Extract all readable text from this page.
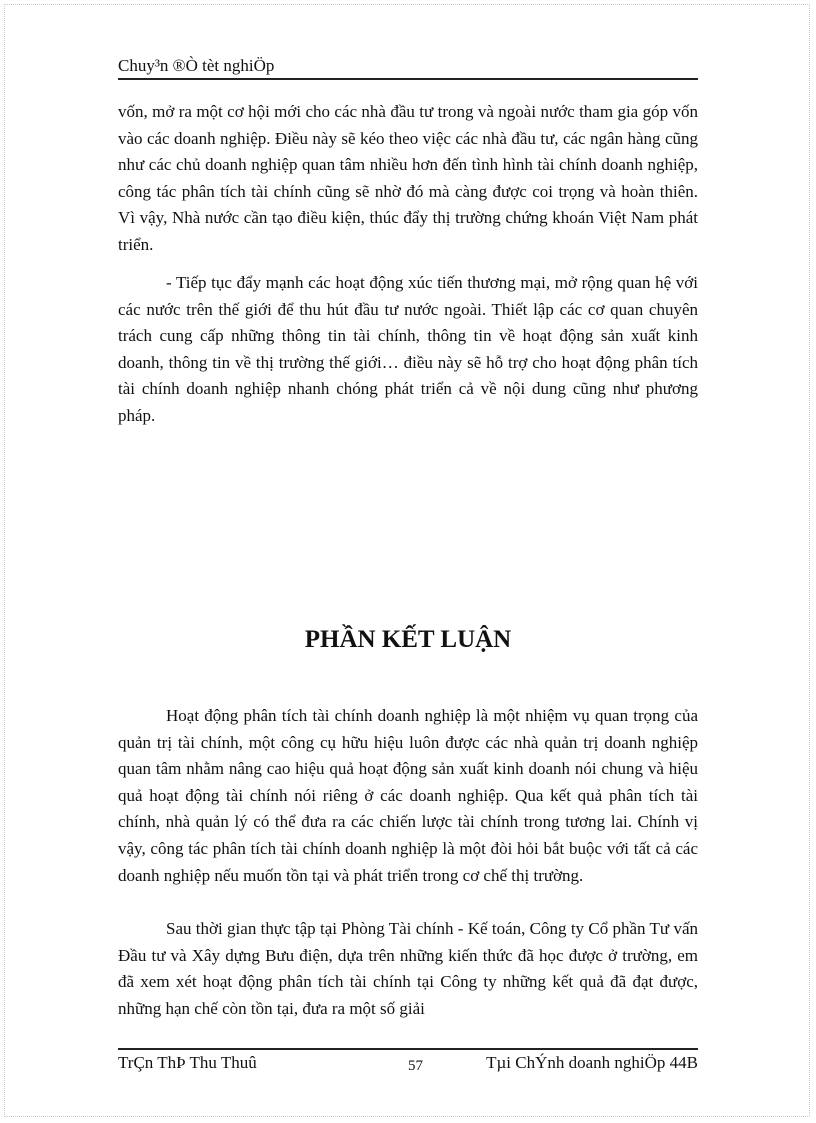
Chuy³n ®Ò tèt nghiÖp

vốn, mở ra một cơ hội mới cho các nhà đầu tư trong và ngoài nước tham gia góp vốn vào các doanh nghiệp. Điều này sẽ kéo theo việc các nhà đầu tư, các ngân hàng cũng như các chủ doanh nghiệp quan tâm nhiều hơn đến tình hình tài chính doanh nghiệp, công tác phân tích tài chính cũng sẽ nhờ đó mà càng được coi trọng và hoàn thiên. Vì vậy, Nhà nước cần tạo điều kiện, thúc đẩy thị trường chứng khoán Việt Nam phát triển.

- Tiếp tục đẩy mạnh các hoạt động xúc tiến thương mại, mở rộng quan hệ với các nước trên thế giới để thu hút đầu tư nước ngoài. Thiết lập các cơ quan chuyên trách cung cấp những thông tin tài chính, thông tin về hoạt động sản xuất kinh doanh, thông tin về thị trường thế giới… điều này sẽ hỗ trợ cho hoạt động phân tích tài chính doanh nghiệp nhanh chóng phát triển cả về nội dung cũng như phương pháp.

PHẦN KẾT LUẬN

Hoạt động phân tích tài chính doanh nghiệp là một nhiệm vụ quan trọng của quản trị tài chính, một công cụ hữu hiệu luôn được các nhà quản trị doanh nghiệp quan tâm nhằm nâng cao hiệu quả hoạt động sản xuất kinh doanh nói chung và hiệu quả hoạt động tài chính nói riêng ở các doanh nghiệp. Qua kết quả phân tích tài chính, nhà quản lý có thể đưa ra các chiến lược tài chính trong tương lai. Chính vị vậy, công tác phân tích tài chính doanh nghiệp là một đòi hỏi bắt buộc với tất cả các doanh nghiệp nếu muốn tồn tại và phát triển trong cơ chế thị trường.

Sau thời gian thực tập tại Phòng Tài chính - Kế toán, Công ty Cổ phần Tư vấn Đầu tư và Xây dựng Bưu điện, dựa trên những kiến thức đã học được ở trường, em đã xem xét hoạt động phân tích tài chính tại Công ty những kết quả đã đạt được, những hạn chế còn tồn tại, đưa ra một số giải

TrÇn ThÞ Thu Thuû	57	Tµi ChÝnh doanh nghiÖp 44B
